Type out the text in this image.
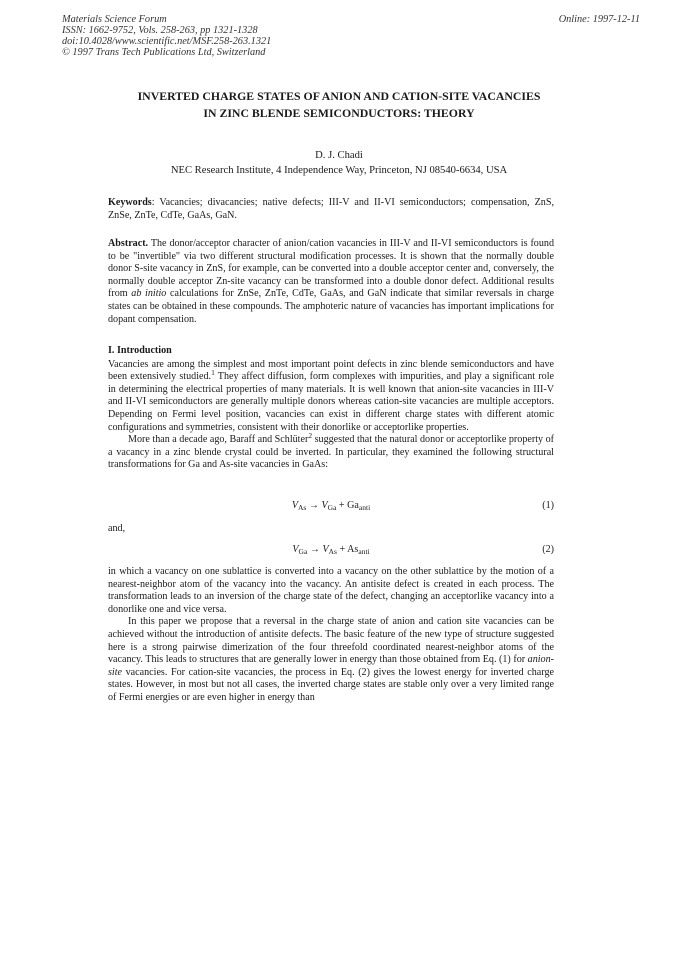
Materials Science Forum
ISSN: 1662-9752, Vols. 258-263, pp 1321-1328
doi:10.4028/www.scientific.net/MSF.258-263.1321
© 1997 Trans Tech Publications Ltd, Switzerland
Online: 1997-12-11
INVERTED CHARGE STATES OF ANION AND CATION-SITE VACANCIES
IN ZINC BLENDE SEMICONDUCTORS: THEORY
D. J. Chadi
NEC Research Institute, 4 Independence Way, Princeton, NJ 08540-6634, USA
Keywords: Vacancies; divacancies; native defects; III-V and II-VI semiconductors; compensation, ZnS, ZnSe, ZnTe, CdTe, GaAs, GaN.
Abstract. The donor/acceptor character of anion/cation vacancies in III-V and II-VI semiconductors is found to be "invertible" via two different structural modification processes. It is shown that the normally double donor S-site vacancy in ZnS, for example, can be converted into a double acceptor center and, conversely, the normally double acceptor Zn-site vacancy can be transformed into a double donor defect. Additional results from ab initio calculations for ZnSe, ZnTe, CdTe, GaAs, and GaN indicate that similar reversals in charge states can be obtained in these compounds. The amphoteric nature of vacancies has important implications for dopant compensation.
I. Introduction
Vacancies are among the simplest and most important point defects in zinc blende semiconductors and have been extensively studied.$^1$ They affect diffusion, form complexes with impurities, and play a significant role in determining the electrical properties of many materials. It is well known that anion-site vacancies in III-V and II-VI semiconductors are generally multiple donors whereas cation-site vacancies are multiple acceptors. Depending on Fermi level position, vacancies can exist in different charge states with different atomic configurations and symmetries, consistent with their donorlike or acceptorlike properties.
More than a decade ago, Baraff and Schlüter$^2$ suggested that the natural donor or acceptorlike property of a vacancy in a zinc blende crystal could be inverted. In particular, they examined the following structural transformations for Ga and As-site vacancies in GaAs:
$V_{As} \to V_{Ga} + Ga_{anti}$	(1)
and,
$V_{Ga} \to V_{As} + As_{anti}$	(2)
in which a vacancy on one sublattice is converted into a vacancy on the other sublattice by the motion of a nearest-neighbor atom of the vacancy into the vacancy. An antisite defect is created in each process. The transformation leads to an inversion of the charge state of the defect, changing an acceptorlike vacancy into a donorlike one and vice versa.
In this paper we propose that a reversal in the charge state of anion and cation site vacancies can be achieved without the introduction of antisite defects. The basic feature of the new type of structure suggested here is a strong pairwise dimerization of the four threefold coordinated nearest-neighbor atoms of the vacancy. This leads to structures that are generally lower in energy than those obtained from Eq. (1) for anion-site vacancies. For cation-site vacancies, the process in Eq. (2) gives the lowest energy for inverted charge states. However, in most but not all cases, the inverted charge states are stable only over a very limited range of Fermi energies or are even higher in energy than
